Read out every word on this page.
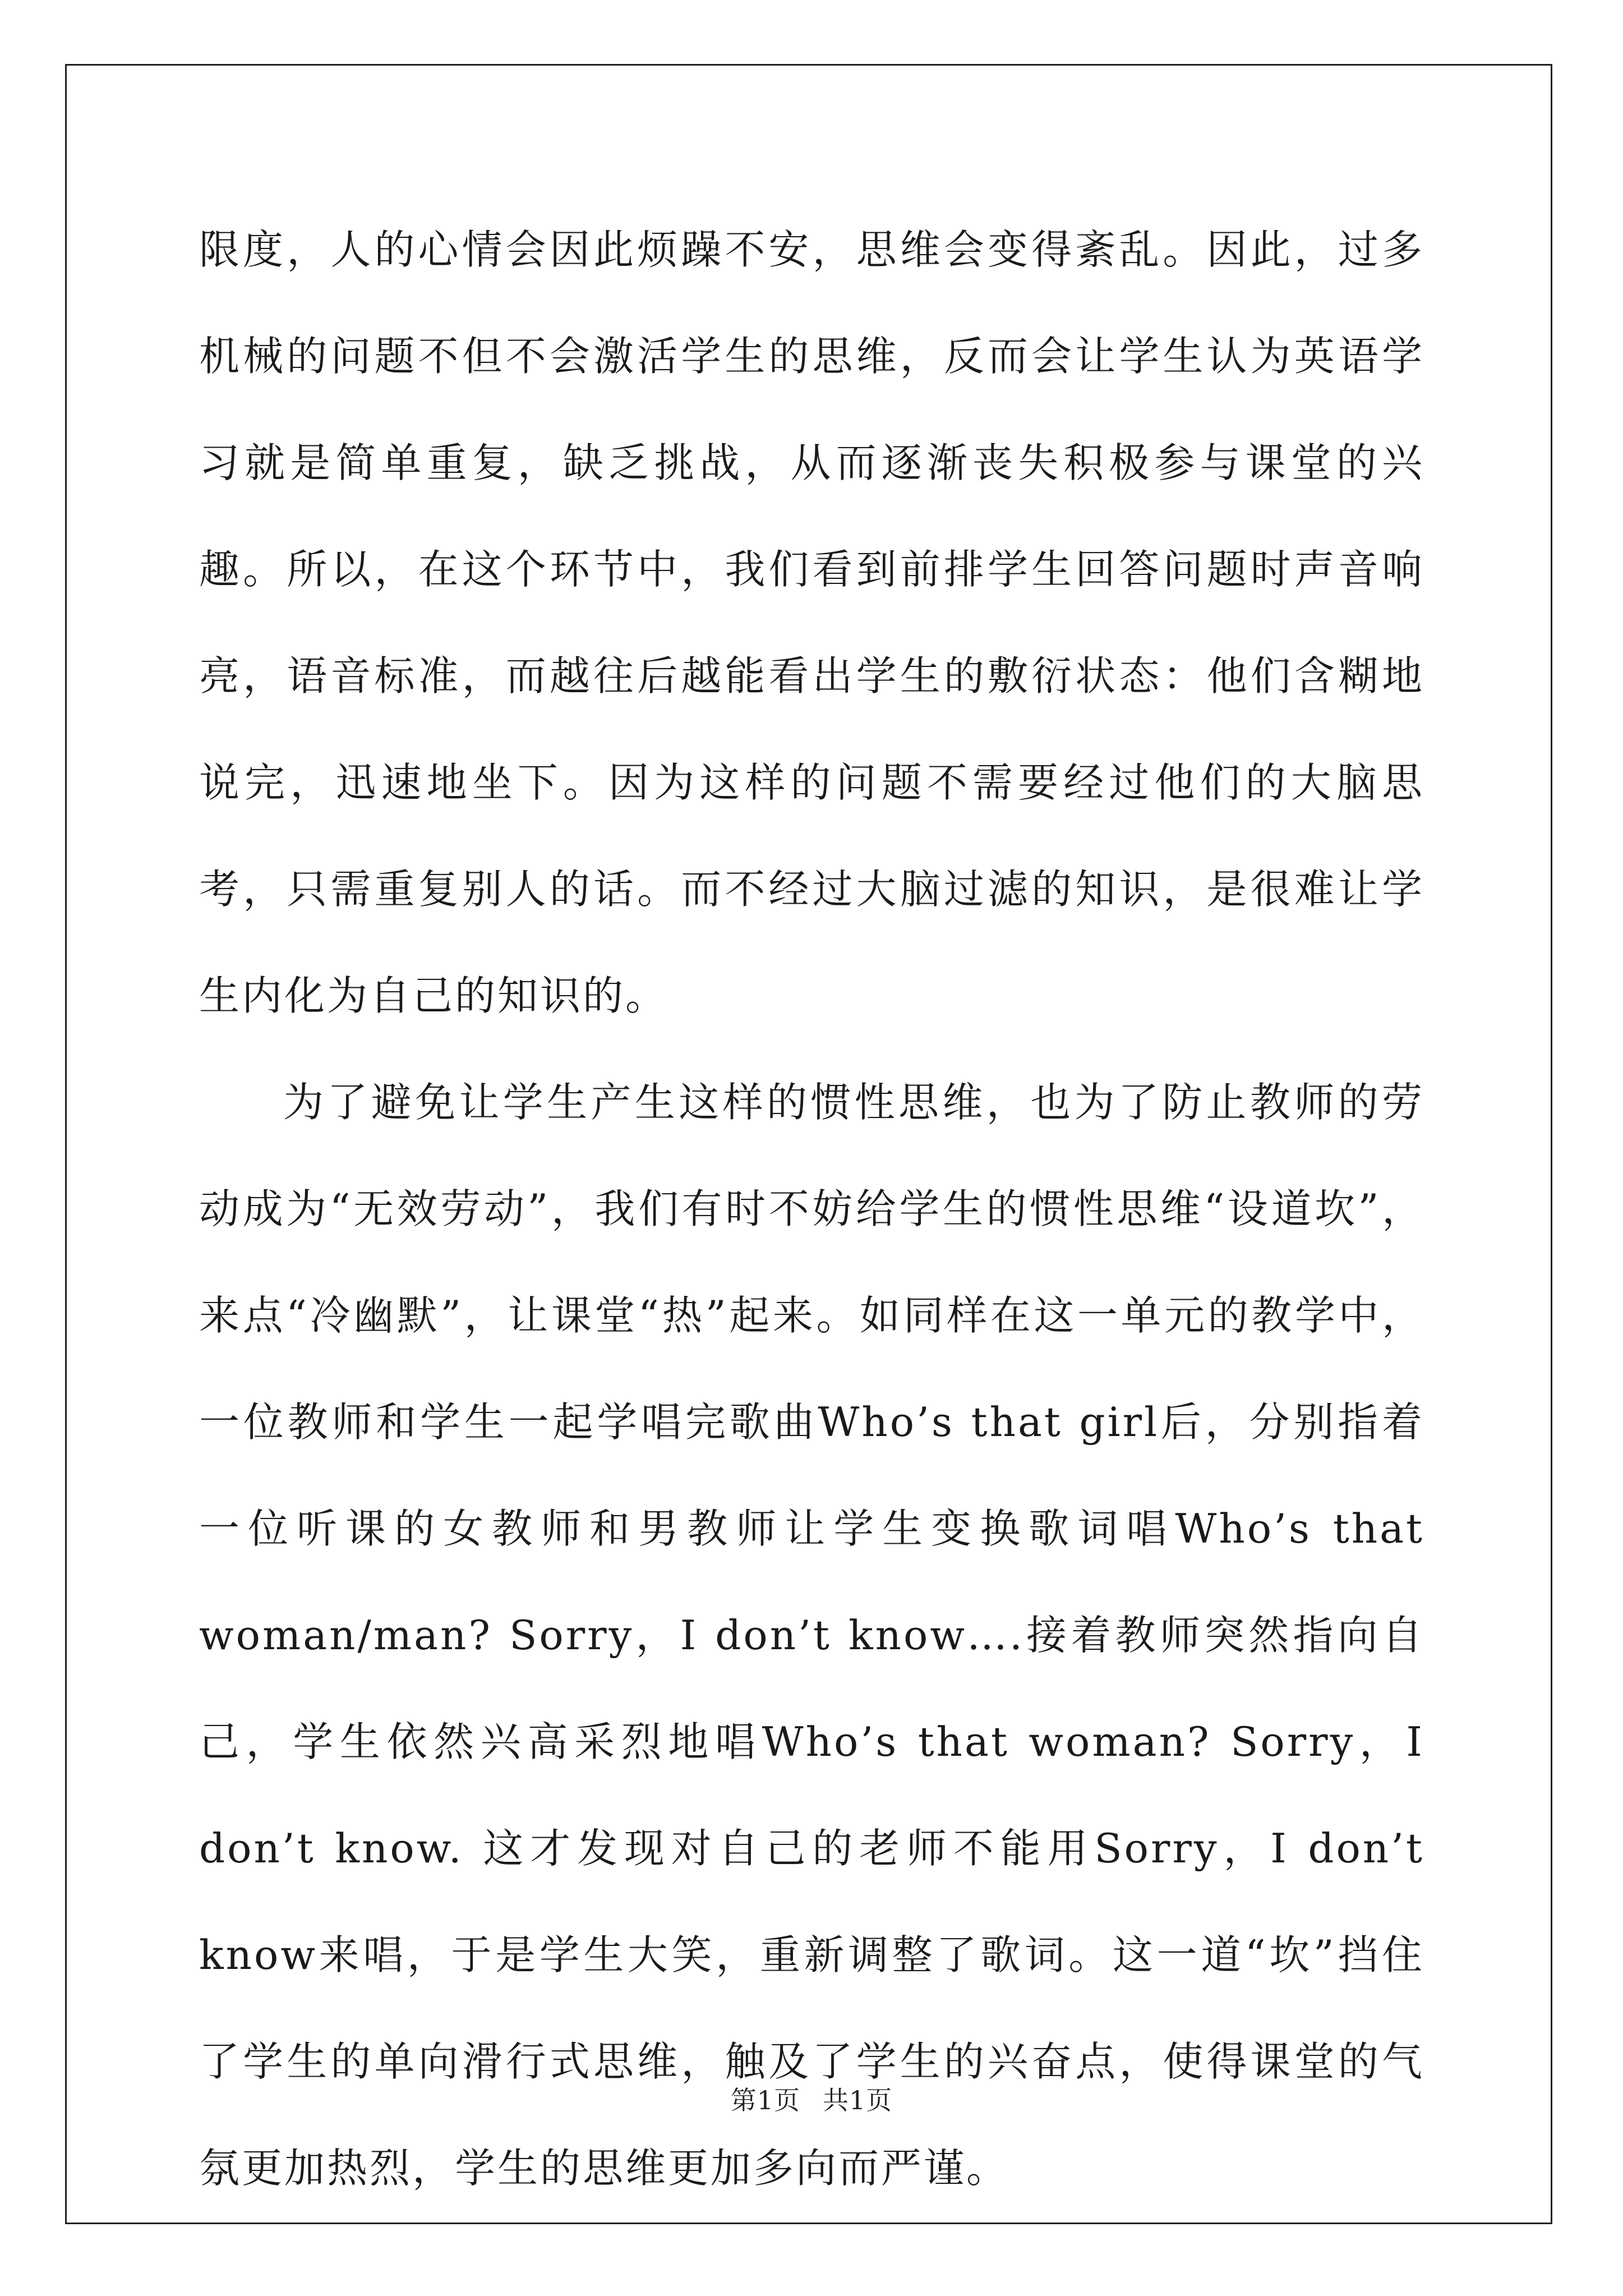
限度，人的心情会因此烦躁不安，思维会变得紊乱。因此，过多机械的问题不但不会激活学生的思维，反而会让学生认为英语学习就是简单重复，缺乏挑战，从而逐渐丧失积极参与课堂的兴趣。所以，在这个环节中，我们看到前排学生回答问题时声音响亮，语音标准，而越往后越能看出学生的敷衍状态：他们含糊地说完，迅速地坐下。因为这样的问题不需要经过他们的大脑思考，只需重复别人的话。而不经过大脑过滤的知识，是很难让学生内化为自己的知识的。

为了避免让学生产生这样的惯性思维，也为了防止教师的劳动成为“无效劳动”，我们有时不妨给学生的惯性思维“设道坎”，来点“冷幽默”，让课堂“热”起来。如同样在这一单元的教学中，一位教师和学生一起学唱完歌曲Who’s that girl后，分别指着一位听课的女教师和男教师让学生变换歌词唱Who’s that woman/man? Sorry，I don’t know….接着教师突然指向自己，学生依然兴高采烈地唱Who’s that woman? Sorry，I don’t know. 这才发现对自己的老师不能用Sorry，I don’t know来唱，于是学生大笑，重新调整了歌词。这一道“坎”挡住了学生的单向滑行式思维，触及了学生的兴奋点，使得课堂的气氛更加热烈，学生的思维更加多向而严谨。

第1页 共1页
